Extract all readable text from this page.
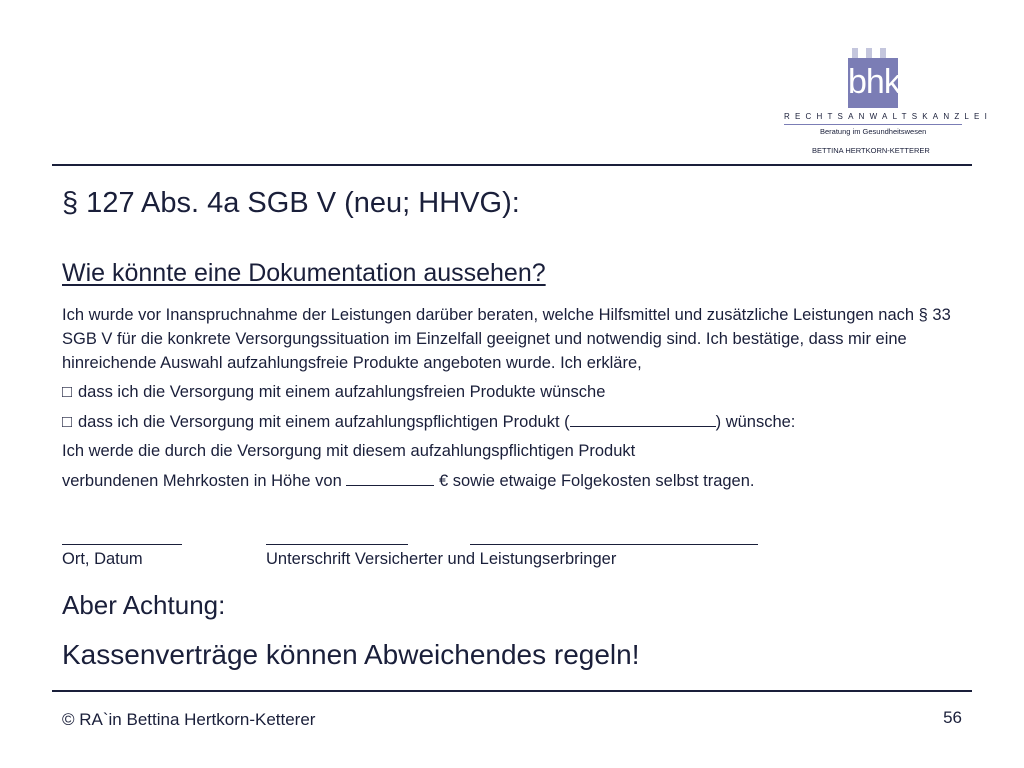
bhk
RECHTSANWALTSKANZLEI
Beratung im Gesundheitswesen
BETTINA HERTKORN-KETTERER
§ 127 Abs. 4a SGB V (neu; HHVG):
Wie könnte eine Dokumentation aussehen?

Ich wurde vor Inanspruchnahme der Leistungen darüber beraten, welche Hilfsmittel und zusätzliche Leistungen nach § 33 SGB V für die konkrete Versorgungssituation im Einzelfall geeignet und notwendig sind. Ich bestätige, dass mir eine hinreichende Auswahl aufzahlungsfreie Produkte angeboten wurde. Ich erkläre,

□ dass ich die Versorgung mit einem aufzahlungsfreien Produkte wünsche

□ dass ich die Versorgung mit einem aufzahlungspflichtigen Produkt (	) wünsche:

Ich werde die durch die Versorgung mit diesem aufzahlungspflichtigen Produkt

verbundenen Mehrkosten in Höhe von	€ sowie etwaige Folgekosten selbst tragen.

Ort, Datum	Unterschrift Versicherter und Leistungserbringer
Aber Achtung:
Kassenverträge können Abweichendes regeln!
© RA`in Bettina Hertkorn-Ketterer	56
